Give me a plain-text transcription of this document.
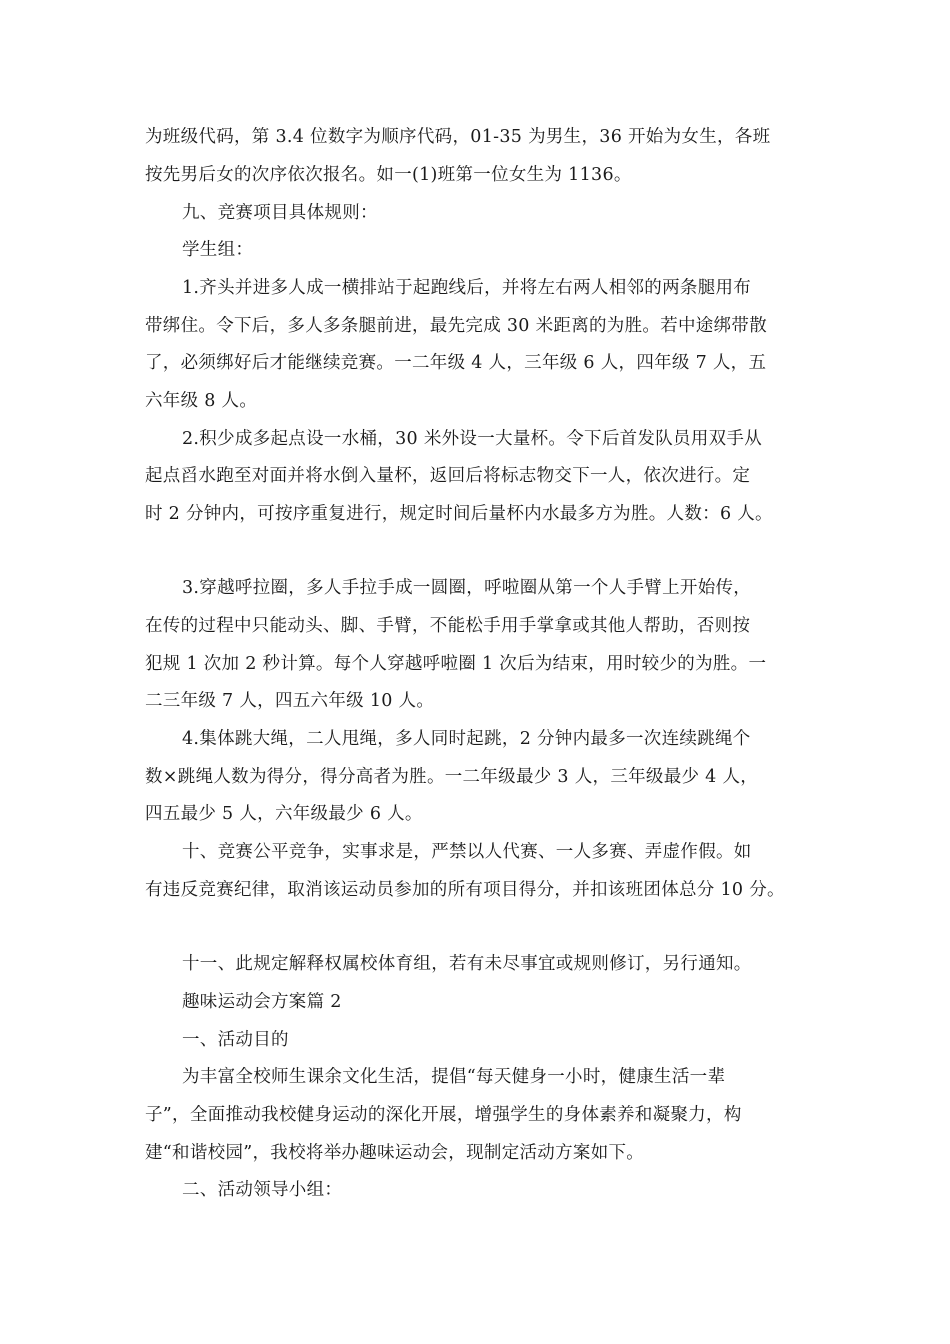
为班级代码，第 3.4 位数字为顺序代码，01-35 为男生，36 开始为女生，各班
按先男后女的次序依次报名。如一(1)班第一位女生为 1136。
九、竞赛项目具体规则：
学生组：
1.齐头并进多人成一横排站于起跑线后，并将左右两人相邻的两条腿用布
带绑住。令下后，多人多条腿前进，最先完成 30 米距离的为胜。若中途绑带散
了，必须绑好后才能继续竞赛。一二年级 4 人，三年级 6 人，四年级 7 人，五
六年级 8 人。
2.积少成多起点设一水桶，30 米外设一大量杯。令下后首发队员用双手从
起点舀水跑至对面并将水倒入量杯，返回后将标志物交下一人，依次进行。定
时 2 分钟内，可按序重复进行，规定时间后量杯内水最多方为胜。人数：6 人。
3.穿越呼拉圈，多人手拉手成一圆圈，呼啦圈从第一个人手臂上开始传，
在传的过程中只能动头、脚、手臂，不能松手用手掌拿或其他人帮助，否则按
犯规 1 次加 2 秒计算。每个人穿越呼啦圈 1 次后为结束，用时较少的为胜。一
二三年级 7 人，四五六年级 10 人。
4.集体跳大绳，二人甩绳，多人同时起跳，2 分钟内最多一次连续跳绳个
数×跳绳人数为得分，得分高者为胜。一二年级最少 3 人，三年级最少 4 人，
四五最少 5 人，六年级最少 6 人。
十、竞赛公平竞争，实事求是，严禁以人代赛、一人多赛、弄虚作假。如
有违反竞赛纪律，取消该运动员参加的所有项目得分，并扣该班团体总分 10 分。
十一、此规定解释权属校体育组，若有未尽事宜或规则修订，另行通知。
趣味运动会方案篇 2
一、活动目的
为丰富全校师生课余文化生活，提倡“每天健身一小时，健康生活一辈
子”，全面推动我校健身运动的深化开展，增强学生的身体素养和凝聚力，构
建“和谐校园”，我校将举办趣味运动会，现制定活动方案如下。
二、活动领导小组：
